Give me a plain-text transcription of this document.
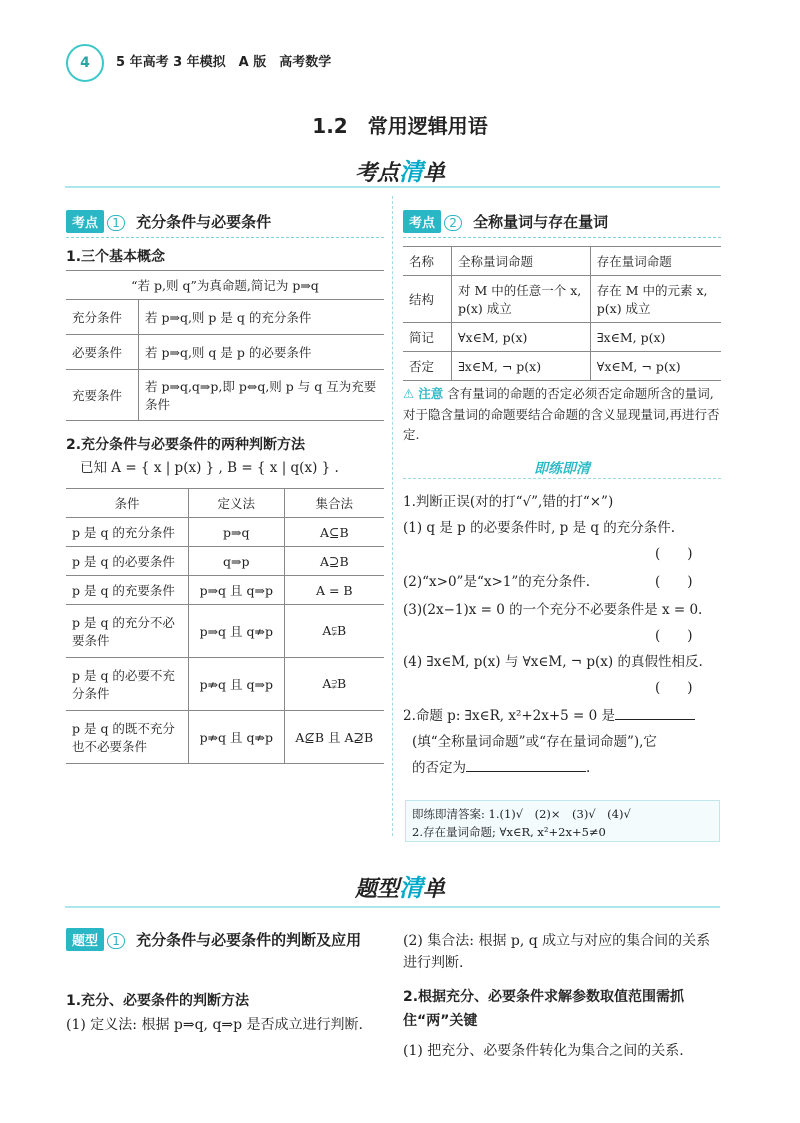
4	5 年高考 3 年模拟　A 版　高考数学
1.2　常用逻辑用语
考点清单
考点 1 充分条件与必要条件
1.三个基本概念
“若 p,则 q”为真命题,简记为 p⇒q	
充分条件	若 p⇒q,则 p 是 q 的充分条件
必要条件	若 p⇒q,则 q 是 p 的必要条件
充要条件	若 p⇒q,q⇒p,即 p⇔q,则 p 与 q 互为充要条件
2.充分条件与必要条件的两种判断方法
已知 A = { x | p(x) } , B = { x | q(x) } .
条件	定义法	集合法
p 是 q 的充分条件	p⇒q	A⊆B
p 是 q 的必要条件	q⇒p	A⊇B
p 是 q 的充要条件	p⇒q 且 q⇒p	A = B
p 是 q 的充分不必要条件	p⇒q 且 q⇏p	A⫋B
p 是 q 的必要不充分条件	p⇏q 且 q⇒p	A⫌B
p 是 q 的既不充分也不必要条件	p⇏q 且 q⇏p	A⊈B 且 A⊉B
考点 2 全称量词与存在量词
名称	全称量词命题	存在量词命题
结构	对 M 中的任意一个 x, p(x) 成立	存在 M 中的元素 x, p(x) 成立
简记	∀x∈M, p(x)	∃x∈M, p(x)
否定	∃x∈M, ¬ p(x)	∀x∈M, ¬ p(x)
⚠ 注意 含有量词的命题的否定必须否定命题所含的量词,对于隐含量词的命题要结合命题的含义显现量词,再进行否定.
即练即清
1.判断正误(对的打“√”,错的打“×”)
(1) q 是 p 的必要条件时, p 是 q 的充分条件.
(　　)
(2)“x>0”是“x>1”的充分条件.	(　　)
(3)(2x−1)x = 0 的一个充分不必要条件是 x = 0.
(　　)
(4) ∃x∈M, p(x) 与 ∀x∈M, ¬ p(x) 的真假性相反.
(　　)
2.命题 p: ∃x∈R, x²+2x+5 = 0 是
(填“全称量词命题”或“存在量词命题”),它
的否定为	.
即练即清答案: 1.(1)√　(2)×　(3)√　(4)√
2.存在量词命题; ∀x∈R, x²+2x+5≠0
题型清单
题型 1 充分条件与必要条件的判断及应用
1.充分、必要条件的判断方法
(1) 定义法: 根据 p⇒q, q⇒p 是否成立进行判断.
(2) 集合法: 根据 p, q 成立与对应的集合间的关系进行判断.
2.根据充分、必要条件求解参数取值范围需抓住“两”关键
(1) 把充分、必要条件转化为集合之间的关系.
